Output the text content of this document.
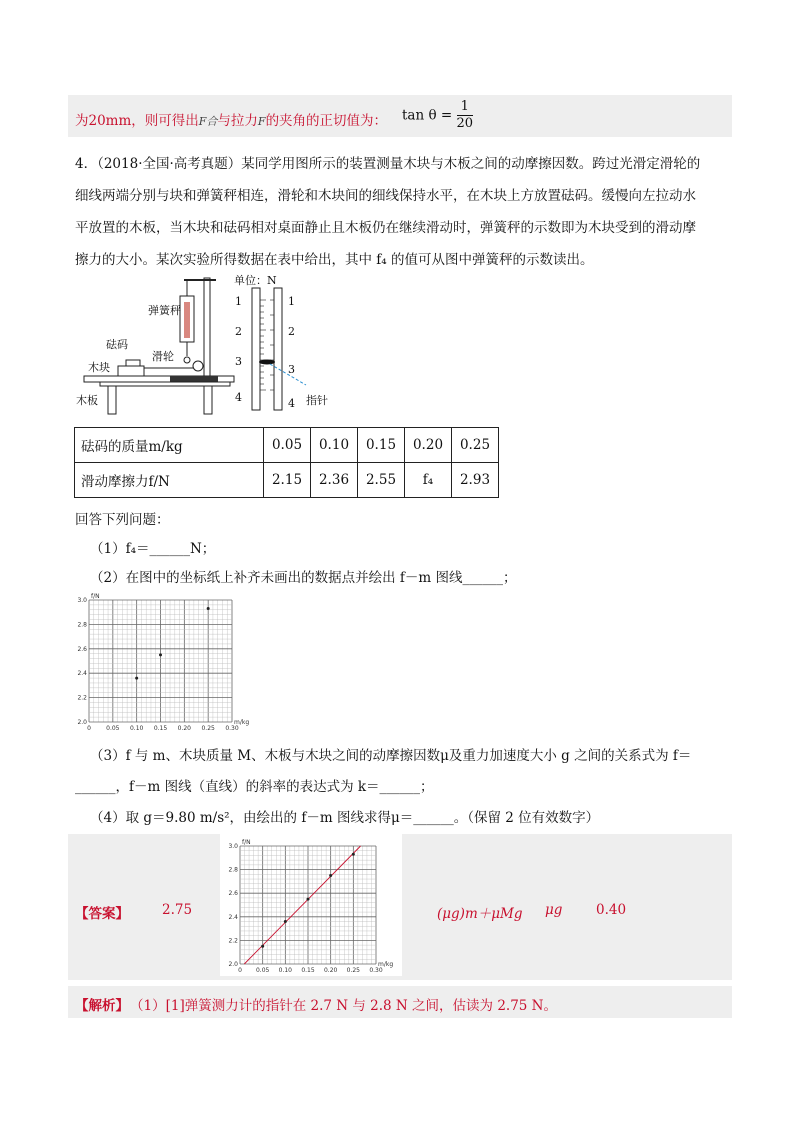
为20mm，则可得出F合与拉力F的夹角的正切值为： $\tan \theta = \frac{1}{20}$
4．（2018·全国·高考真题）某同学用图所示的装置测量木块与木板之间的动摩擦因数。跨过光滑定滑轮的
细线两端分别与块和弹簧秤相连，滑轮和木块间的细线保持水平，在木块上方放置砝码。缓慢向左拉动水
平放置的木板，当木块和砝码相对桌面静止且木板仍在继续滑动时，弹簧秤的示数即为木块受到的滑动摩
擦力的大小。某次实验所得数据在表中给出，其中 f₄ 的值可从图中弹簧秤的示数读出。
弹簧秤
砝码
滑轮
木块
木板
单位：N
指针
1
2
3
4
1
2
3
4
砝码的质量m/kg	0.05	0.10	0.15	0.20	0.25
滑动摩擦力f/N	2.15	2.36	2.55	f₄	2.93
回答下列问题：
（1）f₄＝______N；
（2）在图中的坐标纸上补齐未画出的数据点并绘出 f－m 图线______；
0	0.05 0.10 0.15 0.20 0.25 0.30
2.0
2.2
2.4
2.6
2.8
3.0
m/kg
f/N
（3）f 与 m、木块质量 M、木板与木块之间的动摩擦因数μ及重力加速度大小 g 之间的关系式为 f＝
______，f－m 图线（直线）的斜率的表达式为 k＝______；
（4）取 g＝9.80 m/s²，由绘出的 f－m 图线求得μ＝______。（保留 2 位有效数字）
【答案】 2.75
0 0.05 0.10 0.15 0.20 0.25 0.30
2.0
2.2
2.4
2.6
2.8
3.0
m/kg
f/N
(μg)m＋μMg μg 0.40
【解析】 （1）[1]弹簧测力计的指针在 2.7 N 与 2.8 N 之间，估读为 2.75 N。
